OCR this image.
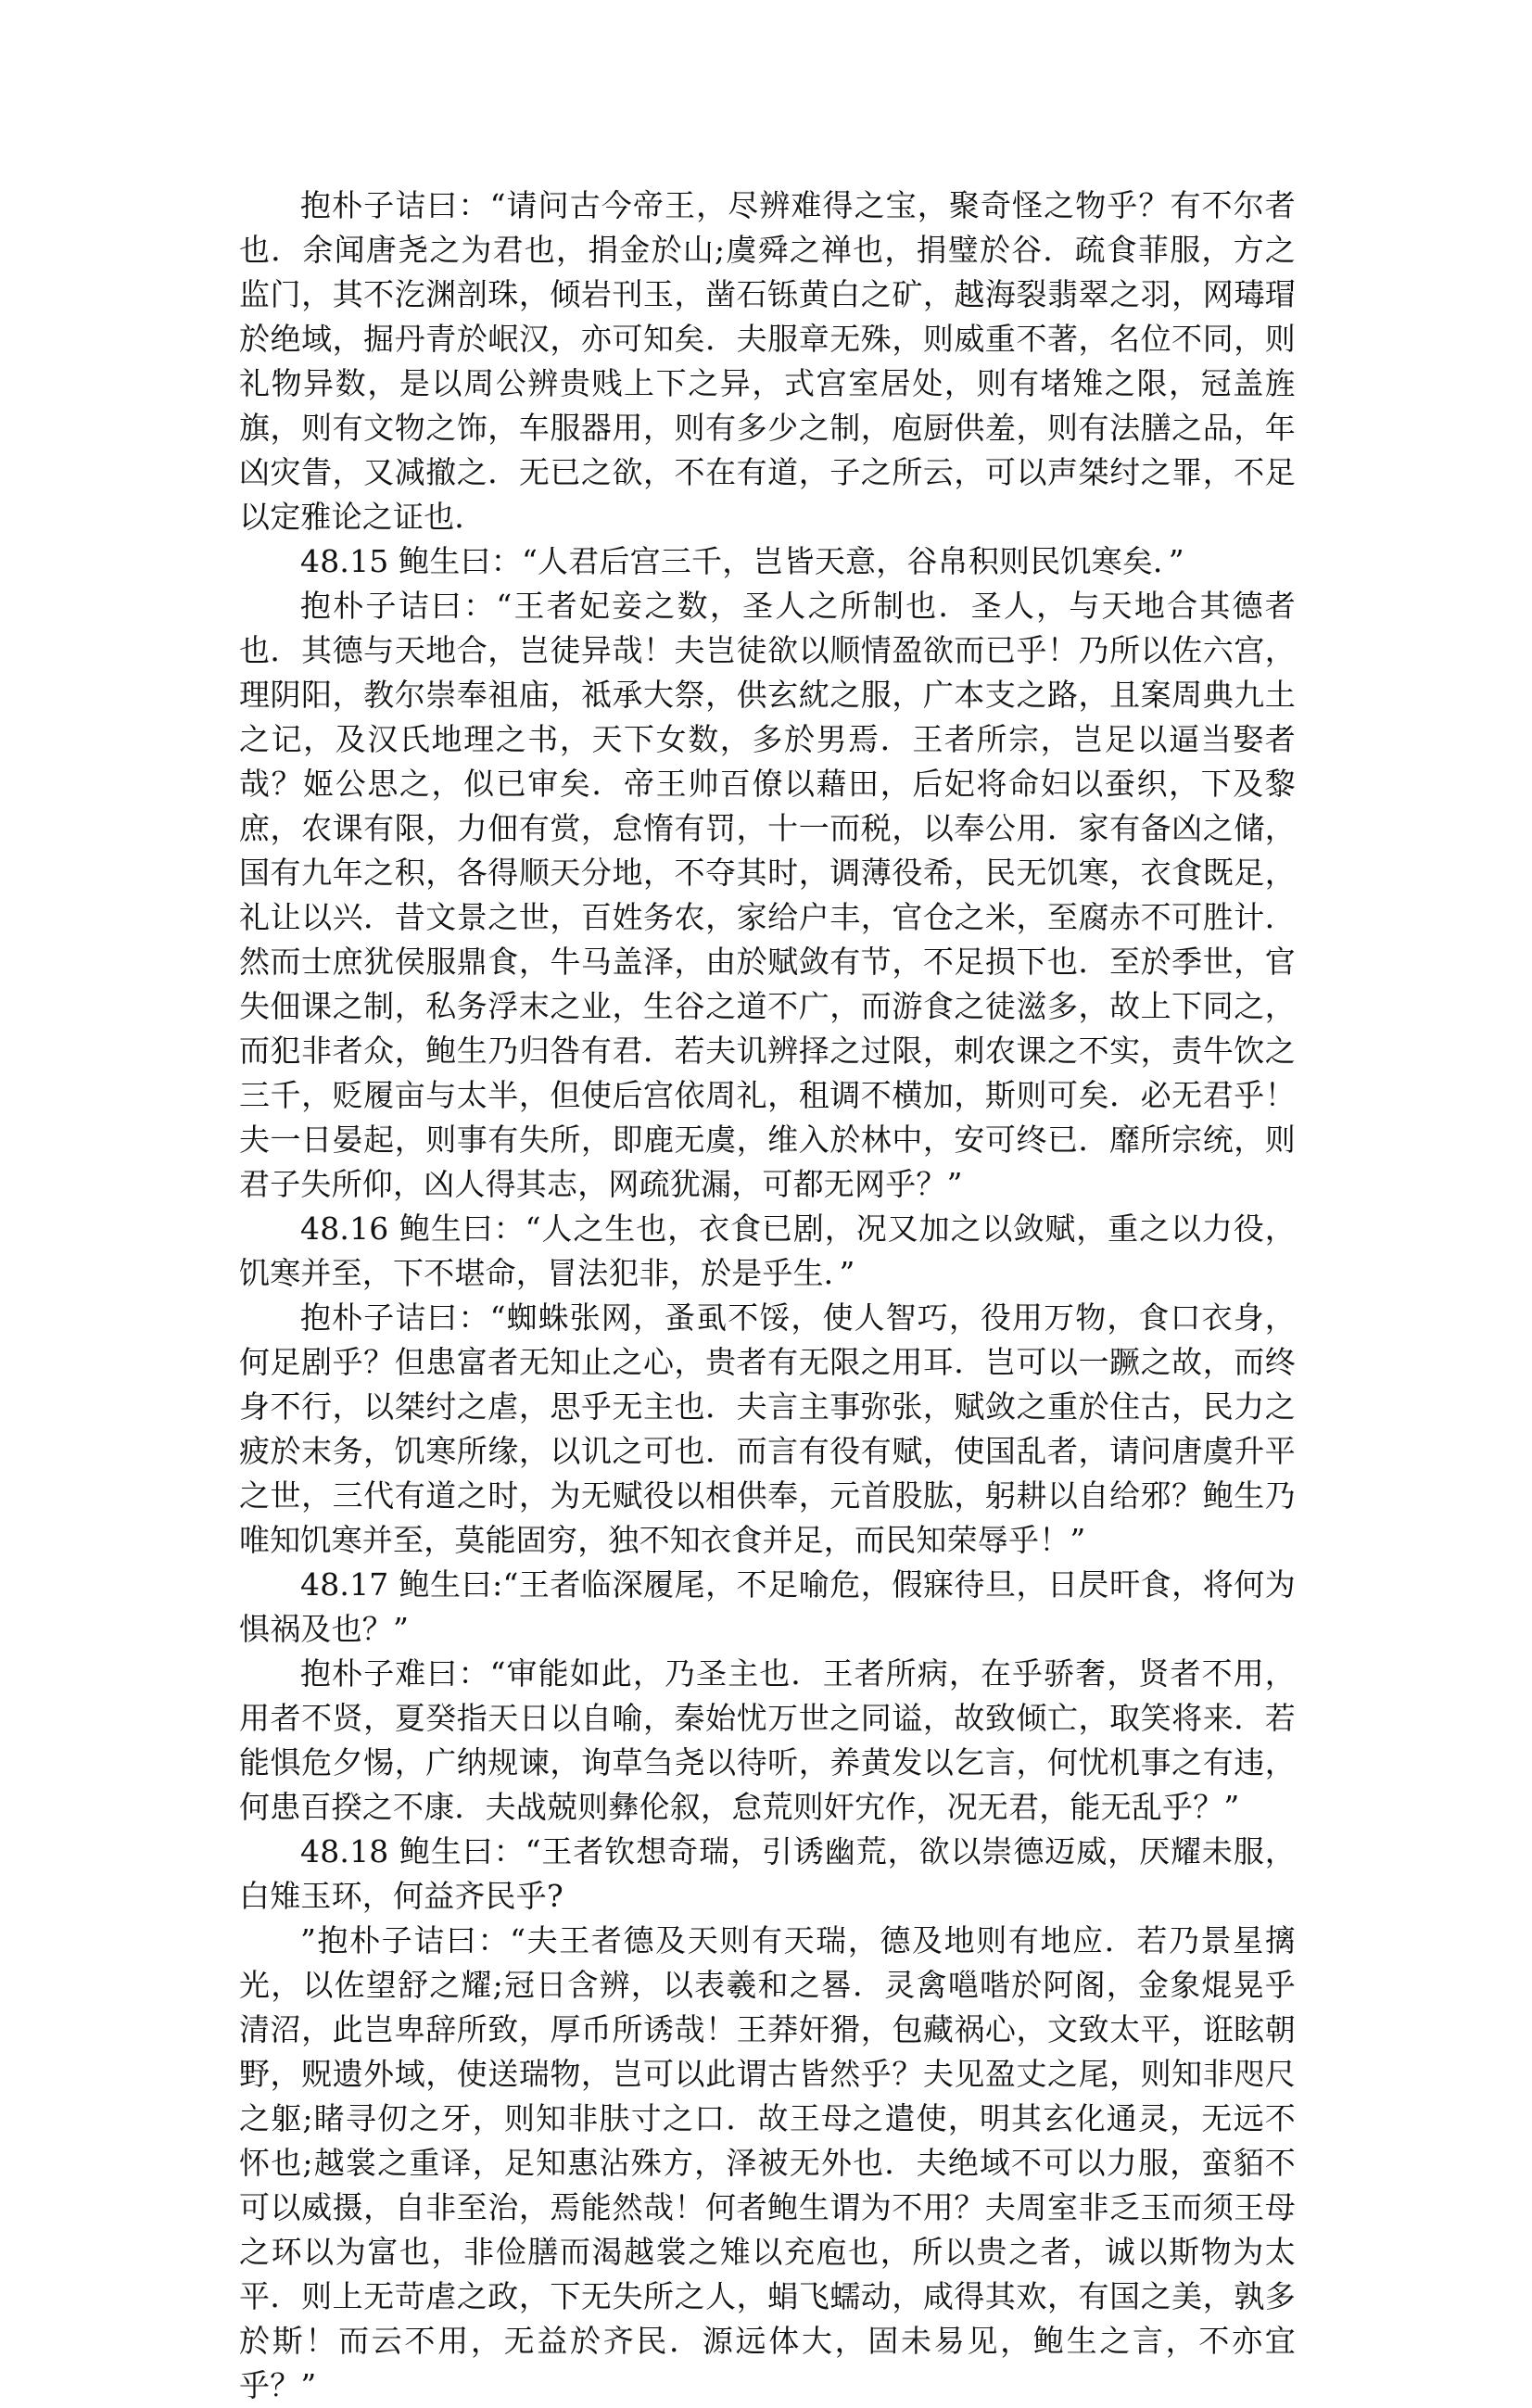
抱朴子诘曰：“请问古今帝王，尽辨难得之宝，聚奇怪之物乎？有不尔者也．余闻唐尧之为君也，捐金於山;虞舜之禅也，捐璧於谷．疏食菲服，方之监门，其不汔渊剖珠，倾岩刊玉，凿石铄黄白之矿，越海裂翡翠之羽，网瑇瑁於绝域，掘丹青於岷汉，亦可知矣．夫服章无殊，则威重不著，名位不同，则礼物异数，是以周公辨贵贱上下之异，式宫室居处，则有堵雉之限，冠盖旌旗，则有文物之饰，车服器用，则有多少之制，庖厨供羞，则有法膳之品，年凶灾眚，又减撤之．无已之欲，不在有道，子之所云，可以声桀纣之罪，不足以定雅论之证也．

48.15 鲍生曰：“人君后宫三千，岂皆天意，谷帛积则民饥寒矣．”

抱朴子诘曰：“王者妃妾之数，圣人之所制也．圣人，与天地合其德者也．其德与天地合，岂徒异哉！夫岂徒欲以顺情盈欲而已乎！乃所以佐六宫，理阴阳，教尔崇奉祖庙，祗承大祭，供玄紞之服，广本支之路，且案周典九土之记，及汉氏地理之书，天下女数，多於男焉．王者所宗，岂足以逼当娶者哉？姬公思之，似已审矣．帝王帅百僚以藉田，后妃将命妇以蚕织，下及黎庶，农课有限，力佃有赏，怠惰有罚，十一而税，以奉公用．家有备凶之储，国有九年之积，各得顺天分地，不夺其时，调薄役希，民无饥寒，衣食既足，礼让以兴．昔文景之世，百姓务农，家给户丰，官仓之米，至腐赤不可胜计．然而士庶犹侯服鼎食，牛马盖泽，由於赋敛有节，不足损下也．至於季世，官失佃课之制，私务浮末之业，生谷之道不广，而游食之徒滋多，故上下同之，而犯非者众，鲍生乃归咎有君．若夫讥辨择之过限，刺农课之不实，责牛饮之三千，贬履亩与太半，但使后宫依周礼，租调不横加，斯则可矣．必无君乎！夫一日晏起，则事有失所，即鹿无虞，维入於林中，安可终已．靡所宗统，则君子失所仰，凶人得其志，网疏犹漏，可都无网乎？”

48.16 鲍生曰：“人之生也，衣食已剧，况又加之以敛赋，重之以力役，饥寒并至，下不堪命，冒法犯非，於是乎生．”

抱朴子诘曰：“蜘蛛张网，蚤虱不馁，使人智巧，役用万物，食口衣身，何足剧乎？但患富者无知止之心，贵者有无限之用耳．岂可以一蹶之故，而终身不行，以桀纣之虐，思乎无主也．夫言主事弥张，赋敛之重於住古，民力之疲於末务，饥寒所缘，以讥之可也．而言有役有赋，使国乱者，请问唐虞升平之世，三代有道之时，为无赋役以相供奉，元首股肱，躬耕以自给邪？鲍生乃唯知饥寒并至，莫能固穷，独不知衣食并足，而民知荣辱乎！”

48.17 鲍生曰:“王者临深履尾，不足喻危，假寐待旦，日昃旰食，将何为惧祸及也？”

抱朴子难曰：“审能如此，乃圣主也．王者所病，在乎骄奢，贤者不用，用者不贤，夏癸指天日以自喻，秦始忧万世之同谥，故致倾亡，取笑将来．若能惧危夕惕，广纳规谏，询草刍尧以待听，养黄发以乞言，何忧机事之有违，何患百揆之不康．夫战兢则彝伦叙，怠荒则奸宄作，况无君，能无乱乎？”

48.18 鲍生曰：“王者钦想奇瑞，引诱幽荒，欲以崇德迈威，厌耀未服，白雉玉环，何益齐民乎?

”抱朴子诘曰：“夫王者德及天则有天瑞，德及地则有地应．若乃景星摛光，以佐望舒之耀;冠日含辨，以表羲和之晷．灵禽嗈喈於阿阁，金象焜晃乎清沼，此岂卑辞所致，厚币所诱哉！王莽奸猾，包藏祸心，文致太平，诳眩朝野，贶遗外域，使送瑞物，岂可以此谓古皆然乎？夫见盈丈之尾，则知非咫尺之躯;睹寻仞之牙，则知非肤寸之口．故王母之遣使，明其玄化通灵，无远不怀也;越裳之重译，足知惠沾殊方，泽被无外也．夫绝域不可以力服，蛮貊不可以威摄，自非至治，焉能然哉！何者鲍生谓为不用？夫周室非乏玉而须王母之环以为富也，非俭膳而渴越裳之雉以充庖也，所以贵之者，诚以斯物为太平．则上无苛虐之政，下无失所之人，蜎飞蠕动，咸得其欢，有国之美，孰多於斯！而云不用，无益於齐民．源远体大，固未易见，鲍生之言，不亦宜乎？”
